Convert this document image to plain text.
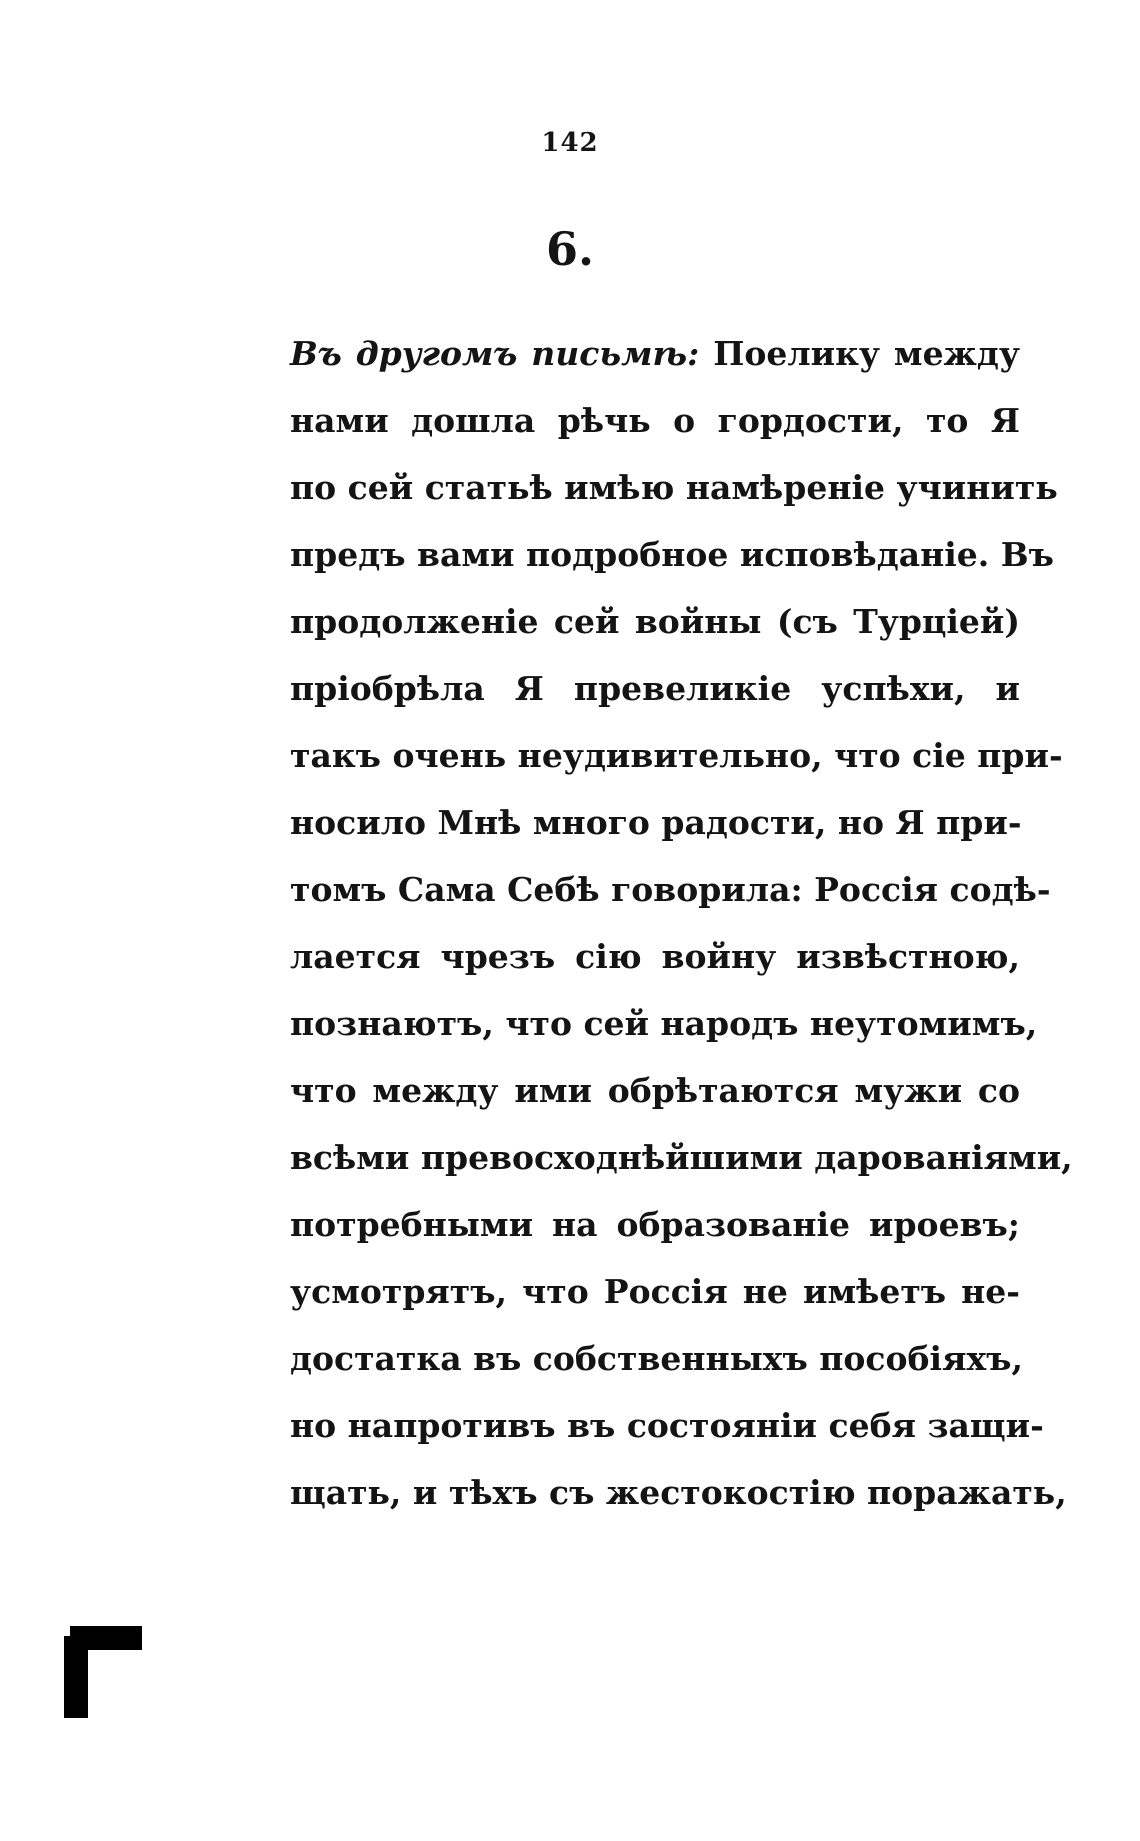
142
6.
Въ другомъ письмѣ: Поелику между
нами дошла рѣчь о гордости, то Я
по сей статьѣ имѣю намѣреніе учинить
предъ вами подробное исповѣданіе. Въ
продолженіе сей войны (съ Турціей)
пріобрѣла Я превеликіе успѣхи, и
такъ очень неудивительно, что сіе при-
носило Мнѣ много радости, но Я при-
томъ Сама Себѣ говорила: Россія содѣ-
лается чрезъ сію войну извѣстною,
познаютъ, что сей народъ неутомимъ,
что между ими обрѣтаются мужи со
всѣми превосходнѣйшими дарованіями,
потребными на образованіе ироевъ;
усмотрятъ, что Россія не имѣетъ не-
достатка въ собственныхъ пособіяхъ,
но напротивъ въ состояніи себя защи-
щать, и тѣхъ съ жестокостію поражать,
